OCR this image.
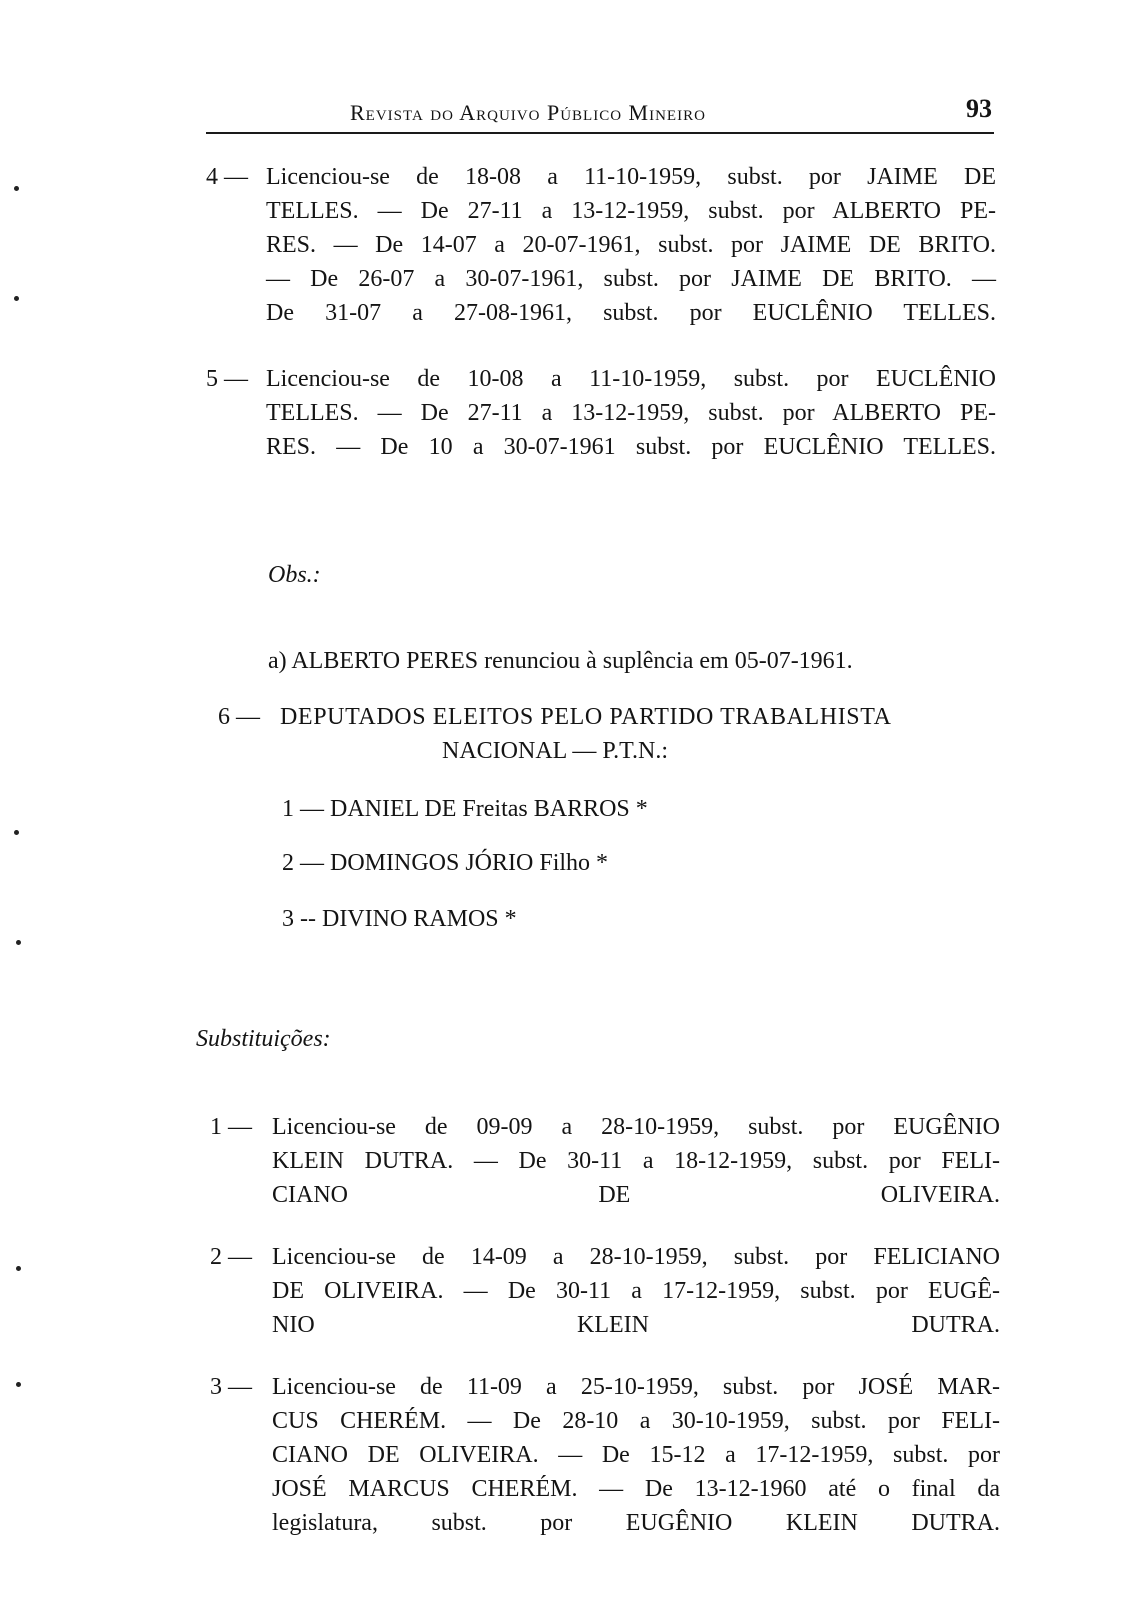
Revista do Arquivo Público Mineiro	93
4 — Licenciou-se de 18-08 a 11-10-1959, subst. por JAIME DE
TELLES. — De 27-11 a 13-12-1959, subst. por ALBERTO PE-
RES. — De 14-07 a 20-07-1961, subst. por JAIME DE BRITO.
— De 26-07 a 30-07-1961, subst. por JAIME DE BRITO. —
De 31-07 a 27-08-1961, subst. por EUCLÊNIO TELLES.
5 — Licenciou-se de 10-08 a 11-10-1959, subst. por EUCLÊNIO
TELLES. — De 27-11 a 13-12-1959, subst. por ALBERTO PE-
RES. — De 10 a 30-07-1961 subst. por EUCLÊNIO TELLES.
Obs.:
a) ALBERTO PERES renunciou à suplência em 05-07-1961.
6 — DEPUTADOS ELEITOS PELO PARTIDO TRABALHISTA
NACIONAL — P.T.N.:
1 — DANIEL DE Freitas BARROS *
2 — DOMINGOS JÓRIO Filho *
3 -- DIVINO RAMOS *
Substituições:
1 — Licenciou-se de 09-09 a 28-10-1959, subst. por EUGÊNIO
KLEIN DUTRA. — De 30-11 a 18-12-1959, subst. por FELI-
CIANO DE OLIVEIRA.
2 — Licenciou-se de 14-09 a 28-10-1959, subst. por FELICIANO
DE OLIVEIRA. — De 30-11 a 17-12-1959, subst. por EUGÊ-
NIO KLEIN DUTRA.
3 — Licenciou-se de 11-09 a 25-10-1959, subst. por JOSÉ MAR-
CUS CHERÉM. — De 28-10 a 30-10-1959, subst. por FELI-
CIANO DE OLIVEIRA. — De 15-12 a 17-12-1959, subst. por
JOSÉ MARCUS CHERÉM. — De 13-12-1960 até o final da
legislatura, subst. por EUGÊNIO KLEIN DUTRA.
